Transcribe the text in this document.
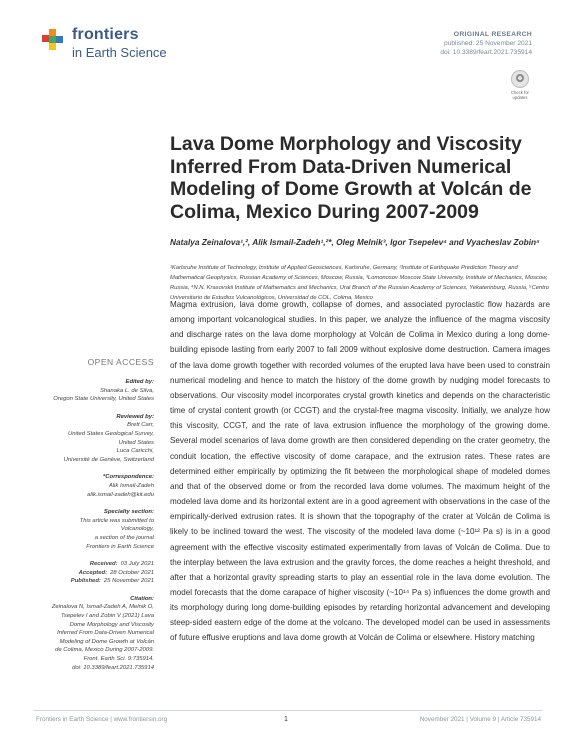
frontiers
in Earth Science
ORIGINAL RESEARCH
published: 25 November 2021
doi: 10.3389/feart.2021.735914
Check for
updates
Lava Dome Morphology and Viscosity Inferred From Data-Driven Numerical Modeling of Dome Growth at Volcán de Colima, Mexico During 2007-2009
Natalya Zeinalova¹,², Alik Ismail-Zadeh¹,²*, Oleg Melnik³, Igor Tsepelev⁴ and Vyacheslav Zobin⁵
¹Karlsruhe Institute of Technology, Institute of Applied Geosciences, Karlsruhe, Germany, ²Institute of Earthquake Prediction Theory and Mathematical Geophysics, Russian Academy of Sciences, Moscow, Russia, ³Lomonosov Moscow State University, Institute of Mechanics, Moscow, Russia, ⁴N.N. Krasovskii Institute of Mathematics and Mechanics, Ural Branch of the Russian Academy of Sciences, Yekaterinburg, Russia, ⁵Centro Universitario de Estudios Vulcanológicos, Universidad de COL, Colima, Mexico
OPEN ACCESS
Edited by:
Shanaka L. de Silva,
Oregon State University, United States
Reviewed by:
Brett Carr,
United States Geological Survey,
United States
Luca Caricchi,
Université de Genève, Switzerland
*Correspondence:
Alik Ismail-Zadeh
alik.ismail-zadeh@kit.edu
Specialty section:
This article was submitted to
Volcanology,
a section of the journal
Frontiers in Earth Science
Received: 03 July 2021
Accepted: 28 October 2021
Published: 25 November 2021
Citation:
Zeinalova N, Ismail-Zadeh A, Melnik O,
Tsepelev I and Zobin V (2021) Lava
Dome Morphology and Viscosity
Inferred From Data-Driven Numerical
Modeling of Dome Growth at Volcán
de Colima, Mexico During 2007-2009.
Front. Earth Sci. 9:735914.
doi: 10.3389/feart.2021.735914
Magma extrusion, lava dome growth, collapse of domes, and associated pyroclastic flow hazards are among important volcanological studies. In this paper, we analyze the influence of the magma viscosity and discharge rates on the lava dome morphology at Volcán de Colima in Mexico during a long dome-building episode lasting from early 2007 to fall 2009 without explosive dome destruction. Camera images of the lava dome growth together with recorded volumes of the erupted lava have been used to constrain numerical modeling and hence to match the history of the dome growth by nudging model forecasts to observations. Our viscosity model incorporates crystal growth kinetics and depends on the characteristic time of crystal content growth (or CCGT) and the crystal-free magma viscosity. Initially, we analyze how this viscosity, CCGT, and the rate of lava extrusion influence the morphology of the growing dome. Several model scenarios of lava dome growth are then considered depending on the crater geometry, the conduit location, the effective viscosity of dome carapace, and the extrusion rates. These rates are determined either empirically by optimizing the fit between the morphological shape of modeled domes and that of the observed dome or from the recorded lava dome volumes. The maximum height of the modeled lava dome and its horizontal extent are in a good agreement with observations in the case of the empirically-derived extrusion rates. It is shown that the topography of the crater at Volcán de Colima is likely to be inclined toward the west. The viscosity of the modeled lava dome (~10¹² Pa s) is in a good agreement with the effective viscosity estimated experimentally from lavas of Volcán de Colima. Due to the interplay between the lava extrusion and the gravity forces, the dome reaches a height threshold, and after that a horizontal gravity spreading starts to play an essential role in the lava dome evolution. The model forecasts that the dome carapace of higher viscosity (~10¹⁴ Pa s) influences the dome growth and its morphology during long dome-building episodes by retarding horizontal advancement and developing steep-sided eastern edge of the dome at the volcano. The developed model can be used in assessments of future effusive eruptions and lava dome growth at Volcán de Colima or elsewhere. History matching
Frontiers in Earth Science | www.frontiersin.org	1	November 2021 | Volume 9 | Article 735914
